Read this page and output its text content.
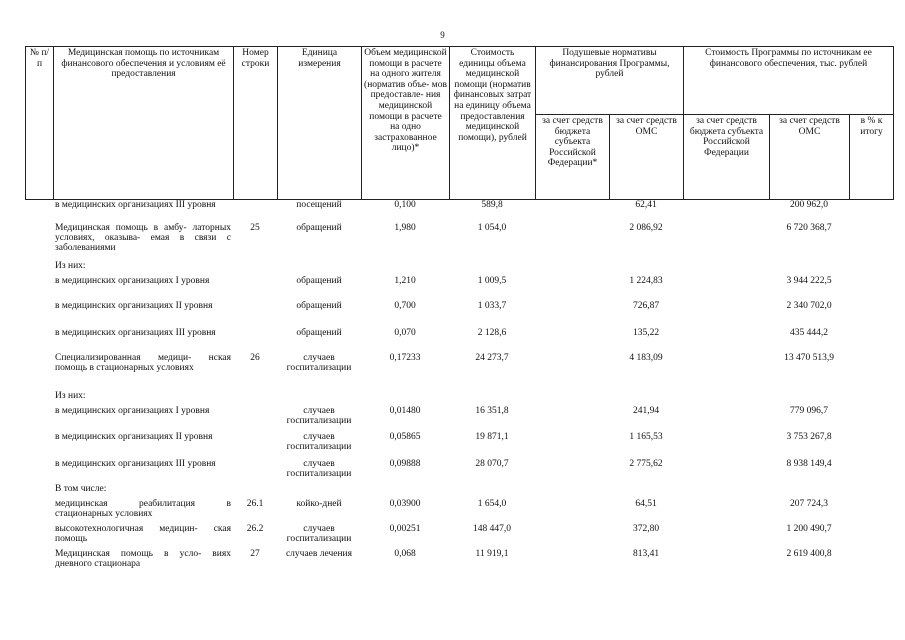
9
№ п/п	Медицинская помощь по источникам финансового обеспечения и условиям её предоставления	Номер строки	Единица измерения	Объем медицинской помощи в расчете на одного жителя (норматив объе- мов предоставле- ния медицинской помощи в расчете на одно застрахованное лицо)*	Стоимость единицы объема медицинской помощи (норматив финансовых затрат на единицу объема предоставления медицинской помощи), рублей	Подушевые нормативы финансирования Программы, рублей		Стоимость Программы по источникам ее финансового обеспечения, тыс. рублей		
						за счет средств бюджета субъекта Российской Федерации*	за счет средств ОМС	за счет средств бюджета субъекта Российской Федерации	за счет средств ОМС	в % к итогу
	в медицинских организациях III уровня		посещений	0,100	589,8		62,41		200 962,0	
	Медицинская помощь в амбу- латорных условиях, оказыва- емая в связи с заболеваниями	25	обращений	1,980	1 054,0		2 086,92		6 720 368,7	
	Из них:									
	в медицинских организациях I уровня		обращений	1,210	1 009,5		1 224,83		3 944 222,5	
	в медицинских организациях II уровня		обращений	0,700	1 033,7		726,87		2 340 702,0	
	в медицинских организациях III уровня		обращений	0,070	2 128,6		135,22		435 444,2	
	Специализированная медици- нская помощь в стационарных условиях	26	случаев госпитализации	0,17233	24 273,7		4 183,09		13 470 513,9	
	Из них:									
	в медицинских организациях I уровня		случаев госпитализации	0,01480	16 351,8		241,94		779 096,7	
	в медицинских организациях II уровня		случаев госпитализации	0,05865	19 871,1		1 165,53		3 753 267,8	
	в медицинских организациях III уровня		случаев госпитализации	0,09888	28 070,7		2 775,62		8 938 149,4	
	В том числе:									
	медицинская реабилитация в стационарных условиях	26.1	койко-дней	0,03900	1 654,0		64,51		207 724,3	
	высокотехнологичная медицин- ская помощь	26.2	случаев госпитализации	0,00251	148 447,0		372,80		1 200 490,7	
	Медицинская помощь в усло- виях дневного стационара	27	случаев лечения	0,068	11 919,1		813,41		2 619 400,8	
